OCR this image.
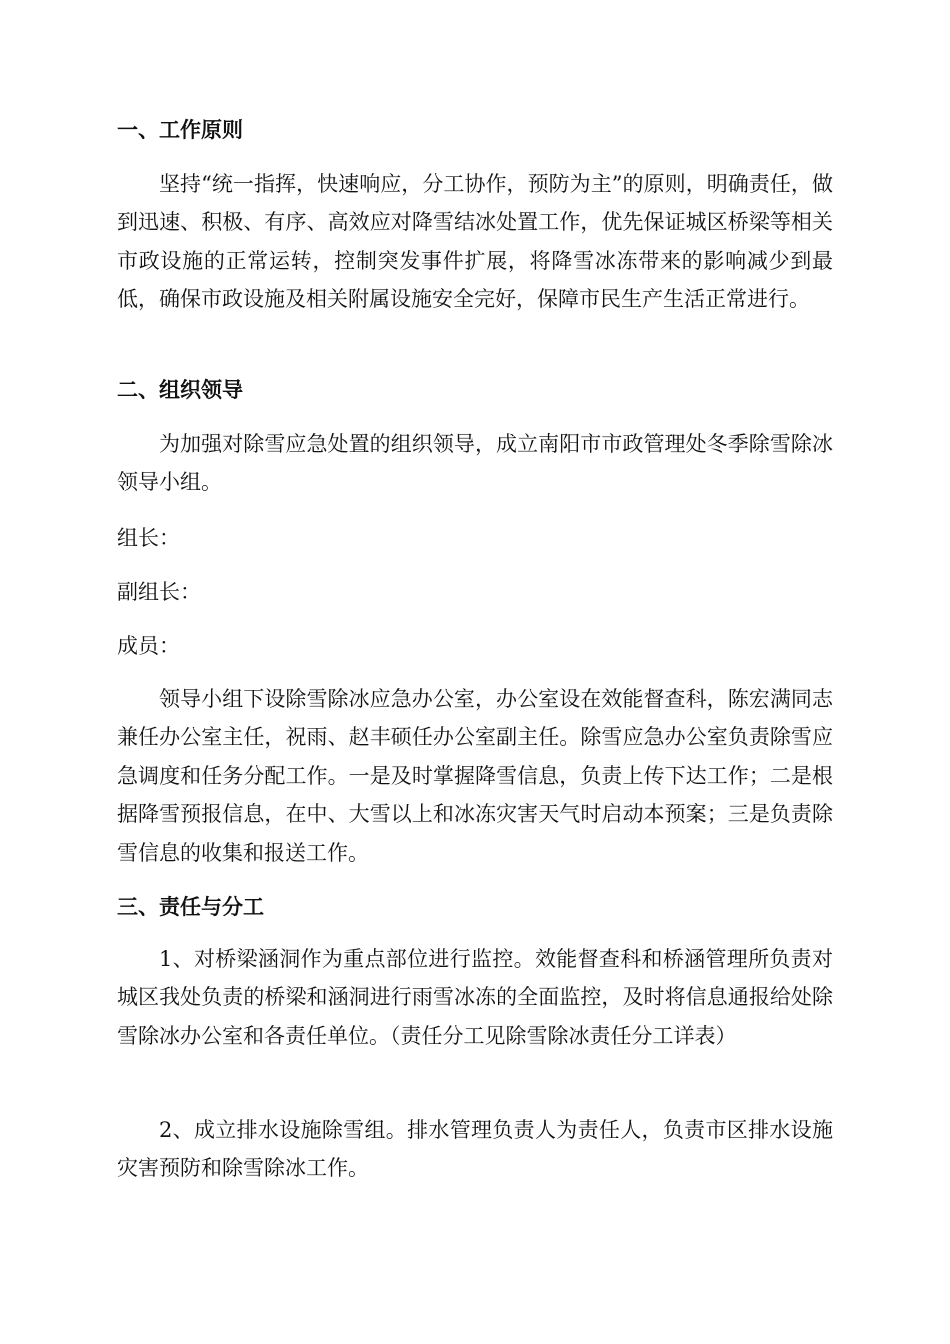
一、工作原则
坚持“统一指挥，快速响应，分工协作，预防为主”的原则，明确责任，做到迅速、积极、有序、高效应对降雪结冰处置工作，优先保证城区桥梁等相关市政设施的正常运转，控制突发事件扩展，将降雪冰冻带来的影响减少到最低，确保市政设施及相关附属设施安全完好，保障市民生产生活正常进行。
二、组织领导
为加强对除雪应急处置的组织领导，成立南阳市市政管理处冬季除雪除冰领导小组。
组长：
副组长：
成员：
领导小组下设除雪除冰应急办公室，办公室设在效能督查科，陈宏满同志兼任办公室主任，祝雨、赵丰硕任办公室副主任。除雪应急办公室负责除雪应急调度和任务分配工作。一是及时掌握降雪信息，负责上传下达工作；二是根据降雪预报信息，在中、大雪以上和冰冻灾害天气时启动本预案；三是负责除雪信息的收集和报送工作。
三、责任与分工
1、对桥梁涵洞作为重点部位进行监控。效能督查科和桥涵管理所负责对城区我处负责的桥梁和涵洞进行雨雪冰冻的全面监控，及时将信息通报给处除雪除冰办公室和各责任单位。（责任分工见除雪除冰责任分工详表）
2、成立排水设施除雪组。排水管理负责人为责任人，负责市区排水设施灾害预防和除雪除冰工作。
